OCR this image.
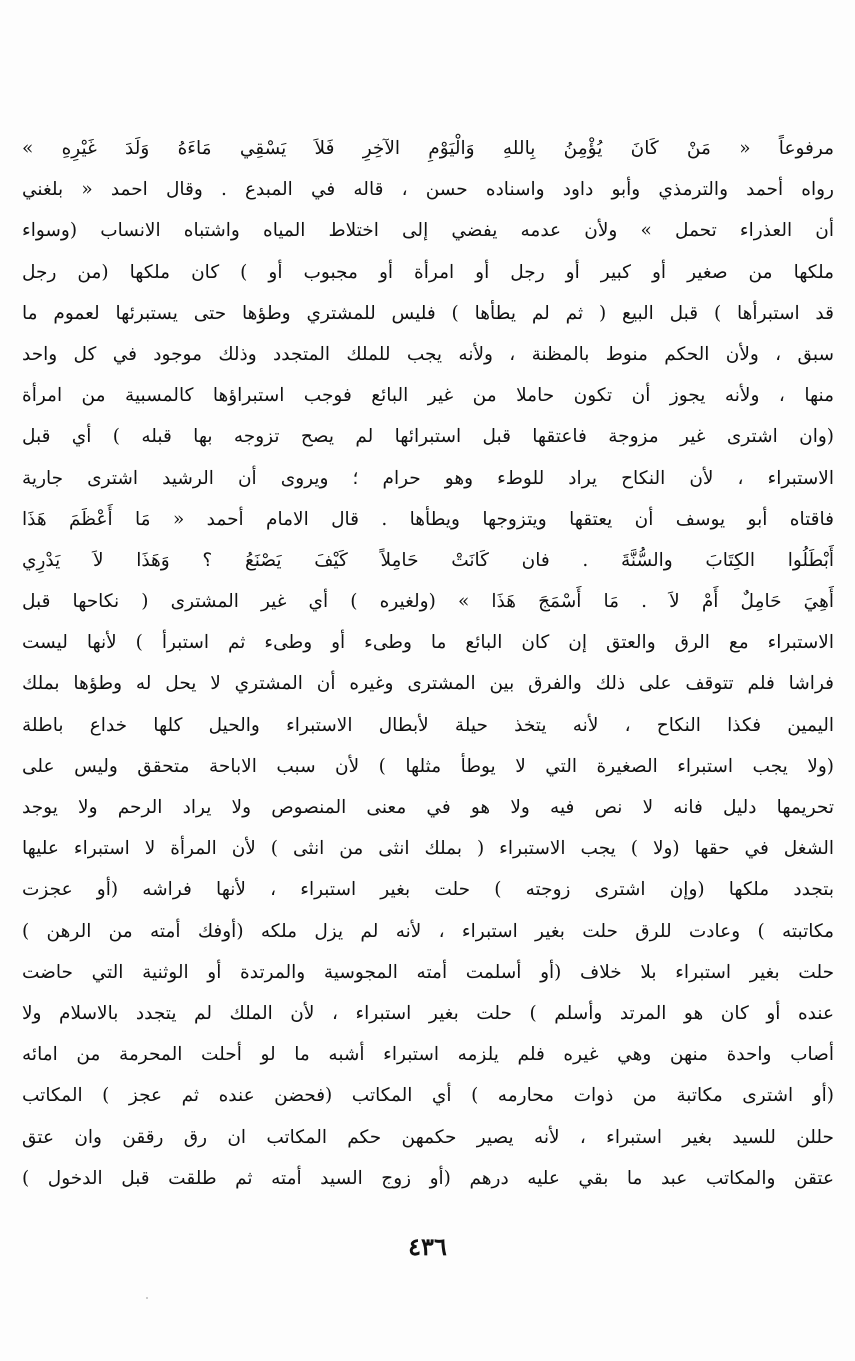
مرفوعاً « مَنْ كَانَ يُؤْمِنُ بِاللهِ وَالْيَوْمِ الآخِرِ فَلاَ يَسْقِي مَاءَهُ وَلَدَ غَيْرِهِ »
رواه أحمد والترمذي وأبو داود واسناده حسن ، قاله في المبدع . وقال احمد « بلغني
أن العذراء تحمل » ولأن عدمه يفضي إلى اختلاط المياه واشتباه الانساب (وسواء
ملكها من صغير أو كبير أو رجل أو امرأة أو مجبوب أو ) كان ملكها (من رجل
قد استبرأها ) قبل البيع ( ثم لم يطأها ) فليس للمشتري وطؤها حتى يستبرئها لعموم ما
سبق ، ولأن الحكم منوط بالمظنة ، ولأنه يجب للملك المتجدد وذلك موجود في كل واحد
منها ، ولأنه يجوز أن تكون حاملا من غير البائع فوجب استبراؤها كالمسبية من امرأة
(وان اشترى غير مزوجة فاعتقها قبل استبرائها لم يصح تزوجه بها قبله ) أي قبل
الاستبراء ، لأن النكاح يراد للوطء وهو حرام ؛ ويروى أن الرشيد اشترى جارية
فاقتاه أبو يوسف أن يعتقها ويتزوجها ويطأها . قال الامام أحمد « مَا أَعْظَمَ هَذَا
أَبْطَلُوا الكِتَابَ والسُّنَّةَ . فان كَانَتْ حَامِلاً كَيْفَ يَصْنَعُ ؟ وَهَذَا لاَ يَدْرِي
أَهِيَ حَامِلٌ أَمْ لاَ . مَا أَسْمَجَ هَذَا » (ولغيره ) أي غير المشترى ( نكاحها قبل
الاستبراء مع الرق والعتق إن كان البائع ما وطىء أو وطىء ثم استبرأ ) لأنها ليست
فراشا فلم تتوقف على ذلك والفرق بين المشترى وغيره أن المشتري لا يحل له وطؤها بملك
اليمين فكذا النكاح ، لأنه يتخذ حيلة لأبطال الاستبراء والحيل كلها خداع باطلة
(ولا يجب استبراء الصغيرة التي لا يوطأ مثلها ) لأن سبب الاباحة متحقق وليس على
تحريمها دليل فانه لا نص فيه ولا هو في معنى المنصوص ولا يراد الرحم ولا يوجد
الشغل في حقها (ولا ) يجب الاستبراء ( بملك انثى من انثى ) لأن المرأة لا استبراء عليها
بتجدد ملكها (وإن اشترى زوجته ) حلت بغير استبراء ، لأنها فراشه (أو عجزت
مكاتبته ) وعادت للرق حلت بغير استبراء ، لأنه لم يزل ملكه (أوفك أمته من الرهن )
حلت بغير استبراء بلا خلاف (أو أسلمت أمته المجوسية والمرتدة أو الوثنية التي حاضت
عنده أو كان هو المرتد وأسلم ) حلت بغير استبراء ، لأن الملك لم يتجدد بالاسلام ولا
أصاب واحدة منهن وهي غيره فلم يلزمه استبراء أشبه ما لو أحلت المحرمة من امائه
(أو اشترى مكاتبة من ذوات محارمه ) أي المكاتب (فحضن عنده ثم عجز ) المكاتب
حللن للسيد بغير استبراء ، لأنه يصير حكمهن حكم المكاتب ان رق رققن وان عتق
عتقن والمكاتب عبد ما بقي عليه درهم (أو زوج السيد أمته ثم طلقت قبل الدخول )
٤٣٦
